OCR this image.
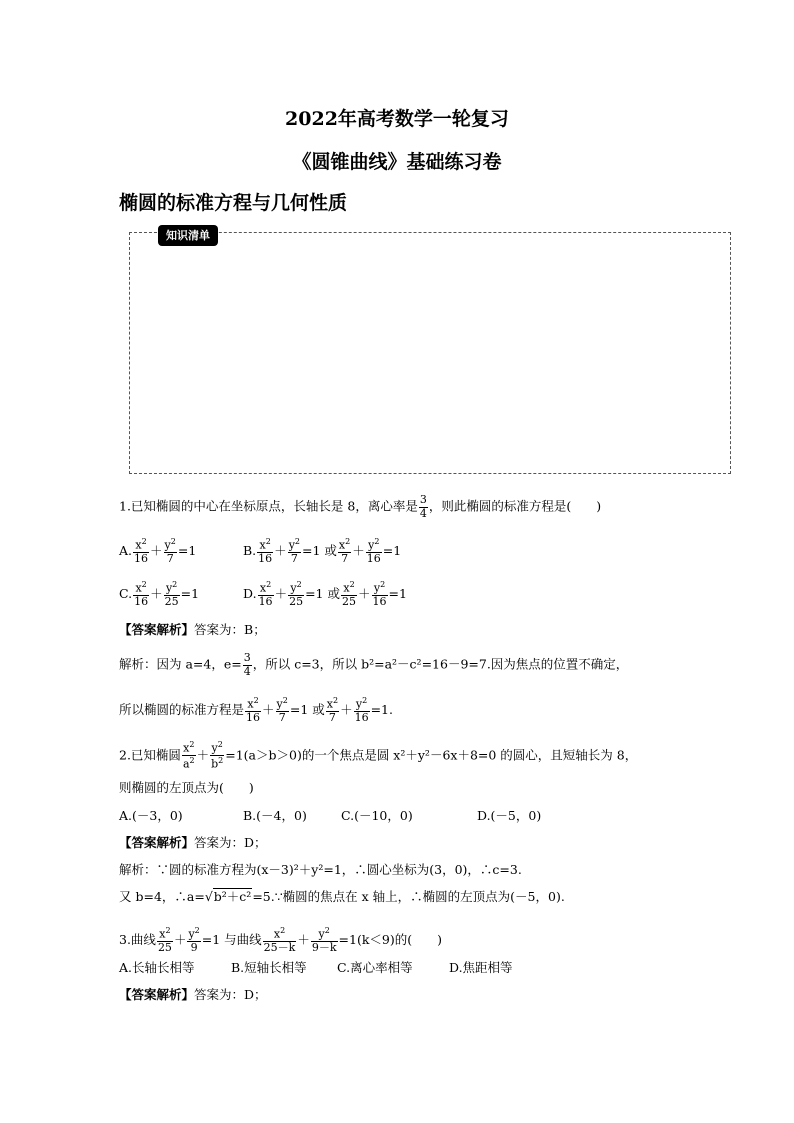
2022年高考数学一轮复习
《圆锥曲线》基础练习卷
椭圆的标准方程与几何性质
知识清单
1.已知椭圆的中心在坐标原点，长轴长是 8，离心率是 $\frac{3}{4}$ ，则此椭圆的标准方程是(　　)
A. $\frac{x^2}{16} + \frac{y^2}{7} =1$	B. $\frac{x^2}{16} + \frac{y^2}{7} =1$ 或 $\frac{x^2}{7} + \frac{y^2}{16} =1$
C. $\frac{x^2}{16} + \frac{y^2}{25} =1$	D. $\frac{x^2}{16} + \frac{y^2}{25} =1$ 或 $\frac{x^2}{25} + \frac{y^2}{16} =1$
【答案解析】答案为：B；
解析：因为 a=4，$e= \frac{3}{4}$ ，所以 c=3，所以 b²=a²－c²=16－9=7.因为焦点的位置不确定，
所以椭圆的标准方程是 $\frac{x^2}{16} + \frac{y^2}{7} =1$ 或 $\frac{x^2}{7} + \frac{y^2}{16} =1$.
2.已知椭圆 $\frac{x^2}{a^2} + \frac{y^2}{b^2} =1(a>b>0)$的一个焦点是圆 x²＋y²－6x＋8=0 的圆心，且短轴长为 8，
则椭圆的左顶点为(　　)
A.(－3，0)	B.(－4，0)	C.(－10，0)	D.(－5，0)
【答案解析】答案为：D；
解析：∵圆的标准方程为(x－3)²＋y²=1，∴圆心坐标为(3，0)，∴c=3.
又 b=4，∴a=√b²＋c²=5.∵椭圆的焦点在 x 轴上，∴椭圆的左顶点为(－5，0).
3.曲线 $\frac{x^2}{25} + \frac{y^2}{9} =1$ 与曲线 $\frac{x^2}{25-k} + \frac{y^2}{9-k} =1(k<9)$的(　　)
A.长轴长相等	B.短轴长相等 C.离心率相等	D.焦距相等
【答案解析】答案为：D；
